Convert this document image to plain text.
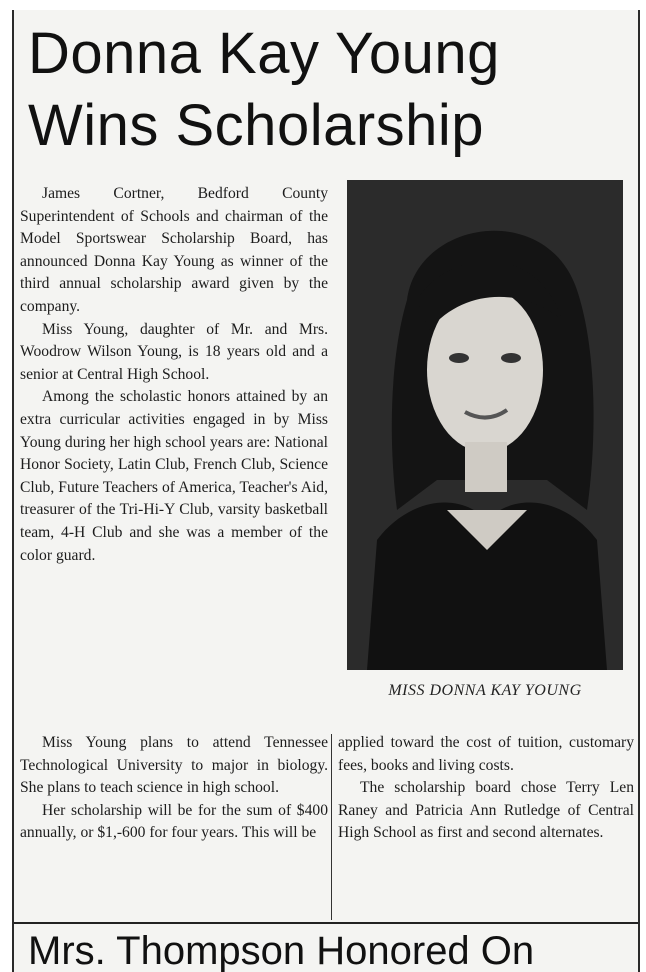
Donna Kay Young
Wins Scholarship

James Cortner, Bedford County Superintendent of Schools and chairman of the Model Sportswear Scholarship Board, has announced Donna Kay Young as winner of the third annual scholarship award given by the company.

Miss Young, daughter of Mr. and Mrs. Woodrow Wilson Young, is 18 years old and a senior at Central High School.

Among the scholastic honors attained by an extra curricular activities engaged in by Miss Young during her high school years are: National Honor Society, Latin Club, French Club, Science Club, Future Teachers of America, Teacher's Aid, treasurer of the Tri-Hi-Y Club, varsity basketball team, 4-H Club and she was a member of the color guard.

MISS DONNA KAY YOUNG

Miss Young plans to attend Tennessee Technological University to major in biology. She plans to teach science in high school.

Her scholarship will be for the sum of $400 annually, or $1,-600 for four years. This will be

applied toward the cost of tuition, customary fees, books and living costs.

The scholarship board chose Terry Len Raney and Patricia Ann Rutledge of Central High School as first and second alternates.

Mrs. Thompson Honored On
